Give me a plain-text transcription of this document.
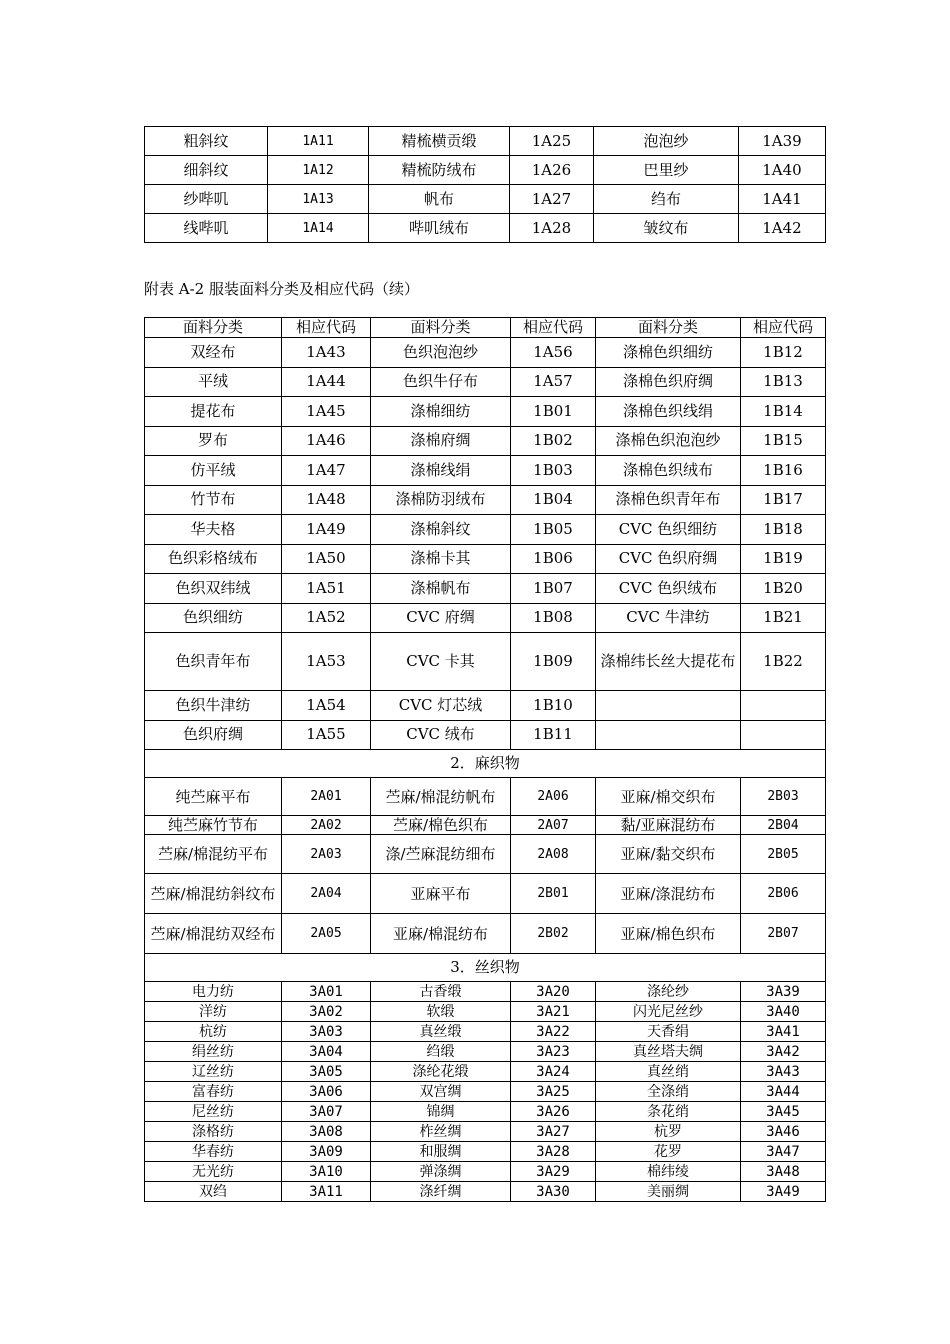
粗斜纹	1A11	精梳横贡缎	1A25	泡泡纱	1A39
细斜纹	1A12	精梳防绒布	1A26	巴里纱	1A40
纱哔叽	1A13	帆布	1A27	绉布	1A41
线哔叽	1A14	哔叽绒布	1A28	皱纹布	1A42
附表 A-2 服装面料分类及相应代码（续）
面料分类	相应代码	面料分类	相应代码	面料分类	相应代码
双经布	1A43	色织泡泡纱	1A56	涤棉色织细纺	1B12
平绒	1A44	色织牛仔布	1A57	涤棉色织府绸	1B13
提花布	1A45	涤棉细纺	1B01	涤棉色织线绢	1B14
罗布	1A46	涤棉府绸	1B02	涤棉色织泡泡纱	1B15
仿平绒	1A47	涤棉线绢	1B03	涤棉色织绒布	1B16
竹节布	1A48	涤棉防羽绒布	1B04	涤棉色织青年布	1B17
华夫格	1A49	涤棉斜纹	1B05	CVC 色织细纺	1B18
色织彩格绒布	1A50	涤棉卡其	1B06	CVC 色织府绸	1B19
色织双纬绒	1A51	涤棉帆布	1B07	CVC 色织绒布	1B20
色织细纺	1A52	CVC 府绸	1B08	CVC 牛津纺	1B21
色织青年布	1A53	CVC 卡其	1B09	涤棉纬长丝大提花布	1B22
色织牛津纺	1A54	CVC 灯芯绒	1B10		
色织府绸	1A55	CVC 绒布	1B11		
2．麻织物					
纯苎麻平布	2A01	苎麻/棉混纺帆布	2A06	亚麻/棉交织布	2B03
纯苎麻竹节布	2A02	苎麻/棉色织布	2A07	黏/亚麻混纺布	2B04
苎麻/棉混纺平布	2A03	涤/苎麻混纺细布	2A08	亚麻/黏交织布	2B05
苎麻/棉混纺斜纹布	2A04	亚麻平布	2B01	亚麻/涤混纺布	2B06
苎麻/棉混纺双经布	2A05	亚麻/棉混纺布	2B02	亚麻/棉色织布	2B07
3．丝织物					
电力纺	3A01	古香缎	3A20	涤纶纱	3A39
洋纺	3A02	软缎	3A21	闪光尼丝纱	3A40
杭纺	3A03	真丝缎	3A22	天香绢	3A41
绢丝纺	3A04	绉缎	3A23	真丝塔夫绸	3A42
辽丝纺	3A05	涤纶花缎	3A24	真丝绡	3A43
富春纺	3A06	双宫绸	3A25	全涤绡	3A44
尼丝纺	3A07	锦绸	3A26	条花绡	3A45
涤格纺	3A08	柞丝绸	3A27	杭罗	3A46
华春纺	3A09	和服绸	3A28	花罗	3A47
无光纺	3A10	弹涤绸	3A29	棉纬绫	3A48
双绉	3A11	涤纤绸	3A30	美丽绸	3A49
